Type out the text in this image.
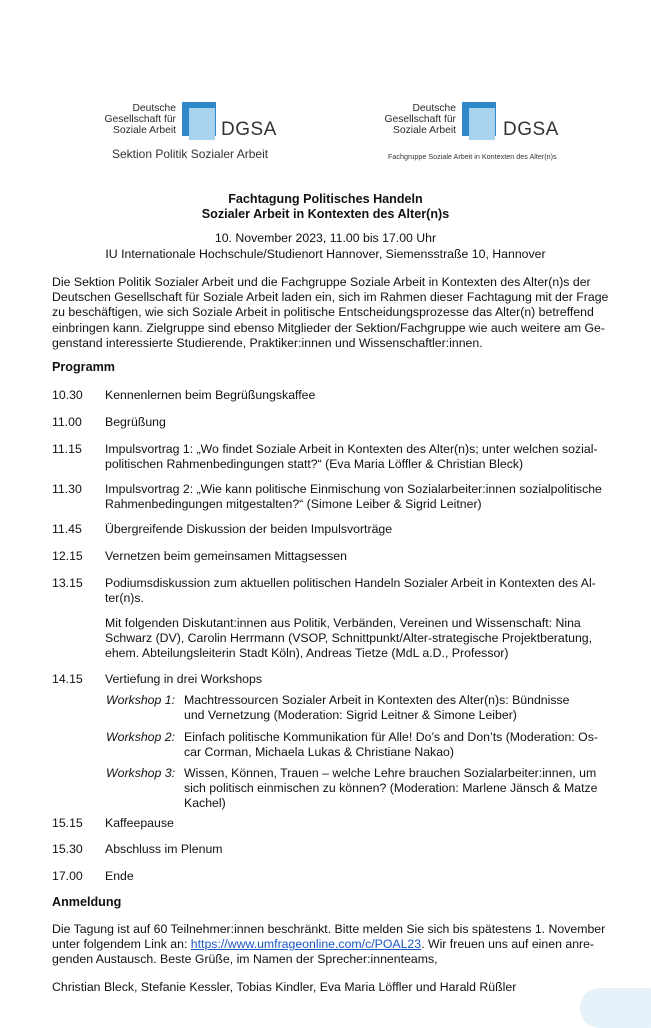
Deutsche
Gesellschaft für
Soziale Arbeit DGSA
Sektion Politik Sozialer Arbeit
Deutsche
Gesellschaft für
Soziale Arbeit DGSA
Fachgruppe Soziale Arbeit in Kontexten des Alter(n)s
Fachtagung Politisches Handeln
Sozialer Arbeit in Kontexten des Alter(n)s
10. November 2023, 11.00 bis 17.00 Uhr
IU Internationale Hochschule/Studienort Hannover, Siemensstraße 10, Hannover
Die Sektion Politik Sozialer Arbeit und die Fachgruppe Soziale Arbeit in Kontexten des Alter(n)s der
Deutschen Gesellschaft für Soziale Arbeit laden ein, sich im Rahmen dieser Fachtagung mit der Frage
zu beschäftigen, wie sich Soziale Arbeit in politische Entscheidungsprozesse das Alter(n) betreffend
einbringen kann. Zielgruppe sind ebenso Mitglieder der Sektion/Fachgruppe wie auch weitere am Ge-
genstand interessierte Studierende, Praktiker:innen und Wissenschaftler:innen.
Programm
10.30 Kennenlernen beim Begrüßungskaffee
11.00 Begrüßung
11.15 Impulsvortrag 1: „Wo findet Soziale Arbeit in Kontexten des Alter(n)s; unter welchen sozial-
politischen Rahmenbedingungen statt?“ (Eva Maria Löffler & Christian Bleck)
11.30 Impulsvortrag 2: „Wie kann politische Einmischung von Sozialarbeiter:innen sozialpolitische
Rahmenbedingungen mitgestalten?“ (Simone Leiber & Sigrid Leitner)
11.45 Übergreifende Diskussion der beiden Impulsvorträge
12.15 Vernetzen beim gemeinsamen Mittagsessen
13.15 Podiumsdiskussion zum aktuellen politischen Handeln Sozialer Arbeit in Kontexten des Al-
ter(n)s.
Mit folgenden Diskutant:innen aus Politik, Verbänden, Vereinen und Wissenschaft: Nina
Schwarz (DV), Carolin Herrmann (VSOP, Schnittpunkt/Alter-strategische Projektberatung,
ehem. Abteilungsleiterin Stadt Köln), Andreas Tietze (MdL a.D., Professor)
14.15 Vertiefung in drei Workshops
Workshop 1: Machtressourcen Sozialer Arbeit in Kontexten des Alter(n)s: Bündnisse
und Vernetzung (Moderation: Sigrid Leitner & Simone Leiber)
Workshop 2: Einfach politische Kommunikation für Alle! Do’s and Don’ts (Moderation: Os-
car Corman, Michaela Lukas & Christiane Nakao)
Workshop 3: Wissen, Können, Trauen – welche Lehre brauchen Sozialarbeiter:innen, um
sich politisch einmischen zu können? (Moderation: Marlene Jänsch & Matze
Kachel)
15.15 Kaffeepause
15.30 Abschluss im Plenum
17.00 Ende
Anmeldung
Die Tagung ist auf 60 Teilnehmer:innen beschränkt. Bitte melden Sie sich bis spätestens 1. November
unter folgendem Link an: https://www.umfrageonline.com/c/POAL23. Wir freuen uns auf einen anre-
genden Austausch. Beste Grüße, im Namen der Sprecher:innenteams,
Christian Bleck, Stefanie Kessler, Tobias Kindler, Eva Maria Löffler und Harald Rüßler
